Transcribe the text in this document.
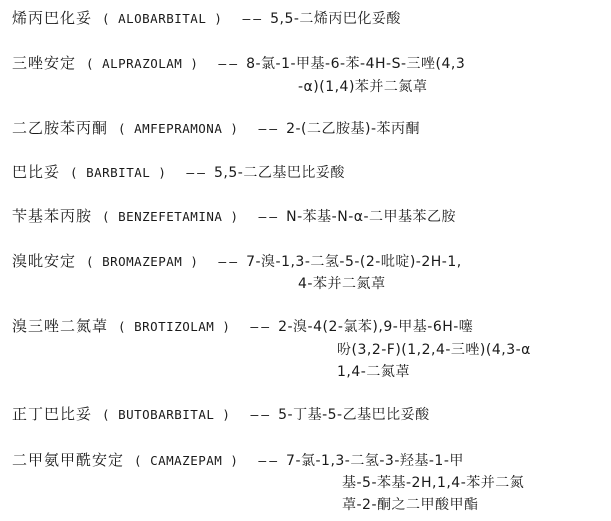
烯丙巴化妥 ( ALOBARBITAL ) —— 5,5-二烯丙巴化妥酸
三唑安定 ( ALPRAZOLAM ) —— 8-氯-1-甲基-6-苯-4H-S-三唑(4,3
-α)(1,4)苯并二氮䓬
二乙胺苯丙酮 ( AMFEPRAMONA ) —— 2-(二乙胺基)-苯丙酮
巴比妥 ( BARBITAL ) —— 5,5-二乙基巴比妥酸
苄基苯丙胺 ( BENZEFETAMINA ) —— N-苯基-N-α-二甲基苯乙胺
溴吡安定 ( BROMAZEPAM ) —— 7-溴-1,3-二氢-5-(2-吡啶)-2H-1,
4-苯并二氮䓬
溴三唑二氮䓬 ( BROTIZOLAM ) —— 2-溴-4(2-氯苯),9-甲基-6H-噻
吩(3,2-F)(1,2,4-三唑)(4,3-α
1,4-二氮䓬
正丁巴比妥 ( BUTOBARBITAL ) —— 5-丁基-5-乙基巴比妥酸
二甲氨甲酰安定 ( CAMAZEPAM ) —— 7-氯-1,3-二氢-3-羟基-1-甲
基-5-苯基-2H,1,4-苯并二氮
䓬-2-酮之二甲酸甲酯
